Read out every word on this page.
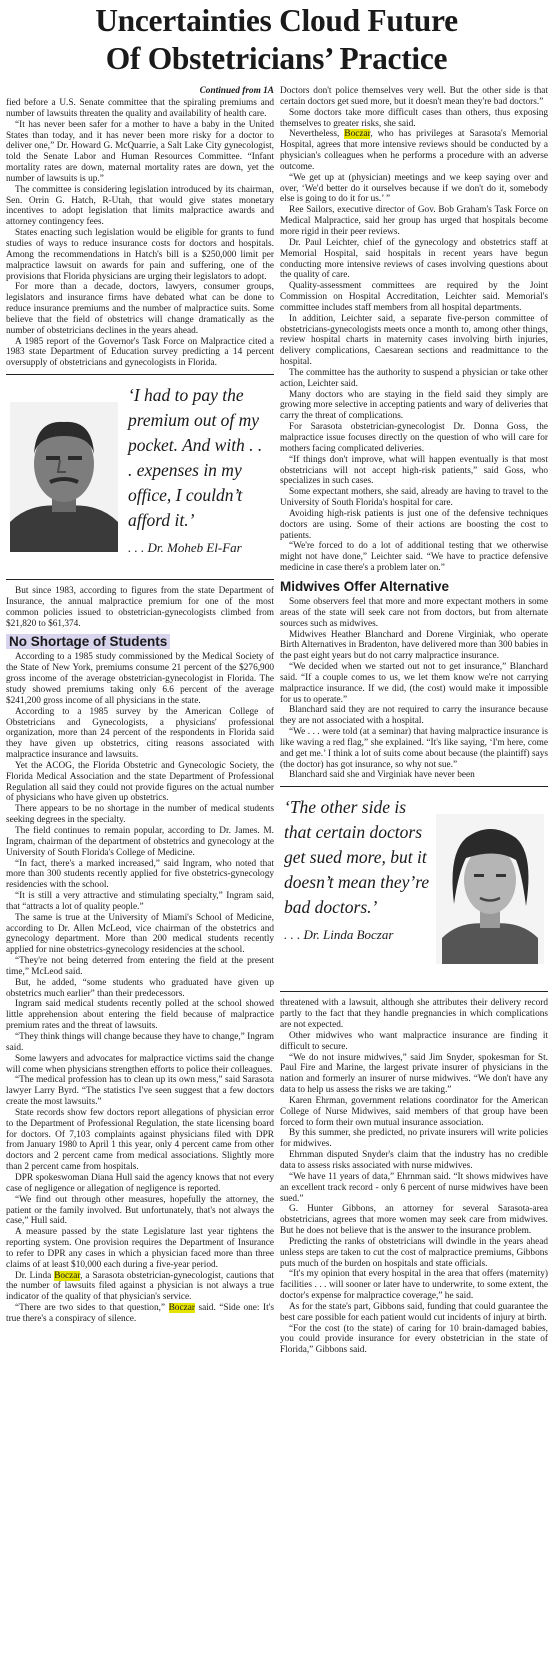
Uncertainties Cloud Future
Of Obstetricians’ Practice
Continued from 1A

fied before a U.S. Senate committee that the spiraling premiums and number of lawsuits threaten the quality and availability of health care.

“It has never been safer for a mother to have a baby in the United States than today, and it has never been more risky for a doctor to deliver one,” Dr. Howard G. McQuarrie, a Salt Lake City gynecologist, told the Senate Labor and Human Resources Committee. “Infant mortality rates are down, maternal mortality rates are down, yet the number of lawsuits is up.”

The committee is considering legislation introduced by its chairman, Sen. Orrin G. Hatch, R-Utah, that would give states monetary incentives to adopt legislation that limits malpractice awards and attorney contingency fees.

States enacting such legislation would be eligible for grants to fund studies of ways to reduce insurance costs for doctors and hospitals. Among the recommendations in Hatch's bill is a $250,000 limit per malpractice lawsuit on awards for pain and suffering, one of the provisions that Florida physicians are urging their legislators to adopt.

For more than a decade, doctors, lawyers, consumer groups, legislators and insurance firms have debated what can be done to reduce insurance premiums and the number of malpractice suits. Some believe that the field of obstetrics will change dramatically as the number of obstetricians declines in the years ahead.

A 1985 report of the Governor's Task Force on Malpractice cited a 1983 state Department of Education survey predicting a 14 percent oversupply of obstetricians and gynecologists in Florida.

‘I had to pay the premium out of my pocket. And with . . . expenses in my office, I couldn’t afford it.’

. . . Dr. Moheb El-Far

But since 1983, according to figures from the state Department of Insurance, the annual malpractice premium for one of the most common policies issued to obstetrician-gynecologists climbed from $21,820 to $61,374.

No Shortage of Students

According to a 1985 study commissioned by the Medical Society of the State of New York, premiums consume 21 percent of the $276,900 gross income of the average obstetrician-gynecologist in Florida. The study showed premiums taking only 6.6 percent of the average $241,200 gross income of all physicians in the state.

According to a 1985 survey by the American College of Obstetricians and Gynecologists, a physicians' professional organization, more than 24 percent of the respondents in Florida said they have given up obstetrics, citing reasons associated with malpractice insurance and lawsuits.

Yet the ACOG, the Florida Obstetric and Gynecologic Society, the Florida Medical Association and the state Department of Professional Regulation all said they could not provide figures on the actual number of physicians who have given up obstetrics.

There appears to be no shortage in the number of medical students seeking degrees in the specialty.

The field continues to remain popular, according to Dr. James. M. Ingram, chairman of the department of obstetrics and gynecology at the University of South Florida's College of Medicine.

“In fact, there's a marked increased,” said Ingram, who noted that more than 300 students recently applied for five obstetrics-gynecology residencies with the school.

“It is still a very attractive and stimulating specialty,” Ingram said, that “attracts a lot of quality people.”

The same is true at the University of Miami's School of Medicine, according to Dr. Allen McLeod, vice chairman of the obstetrics and gynecology department. More than 200 medical students recently applied for nine obstetrics-gynecology residencies at the school.

“They're not being deterred from entering the field at the present time,” McLeod said.

But, he added, “some students who graduated have given up obstetrics much earlier” than their predecessors.

Ingram said medical students recently polled at the school showed little apprehension about entering the field because of malpractice premium rates and the threat of lawsuits.

“They think things will change because they have to change,” Ingram said.

Some lawyers and advocates for malpractice victims said the change will come when physicians strengthen efforts to police their colleagues.

“The medical profession has to clean up its own mess,” said Sarasota lawyer Larry Byrd. “The statistics I've seen suggest that a few doctors create the most lawsuits.”

State records show few doctors report allegations of physician error to the Department of Professional Regulation, the state licensing board for doctors. Of 7,103 complaints against physicians filed with DPR from January 1980 to April 1 this year, only 4 percent came from other doctors and 2 percent came from medical associations. Slightly more than 2 percent came from hospitals.

DPR spokeswoman Diana Hull said the agency knows that not every case of negligence or allegation of negligence is reported.

“We find out through other measures, hopefully the attorney, the patient or the family involved. But unfortunately, that's not always the case,” Hull said.

A measure passed by the state Legislature last year tightens the reporting system. One provision requires the Department of Insurance to refer to DPR any cases in which a physician faced more than three claims of at least $10,000 each during a five-year period.

Dr. Linda Boczar, a Sarasota obstetrician-gynecologist, cautions that the number of lawsuits filed against a physician is not always a true indicator of the quality of that physician's service.

“There are two sides to that question,” Boczar said. “Side one: It's true there's a conspiracy of silence.

Doctors don't police themselves very well. But the other side is that certain doctors get sued more, but it doesn't mean they're bad doctors.”

Some doctors take more difficult cases than others, thus exposing themselves to greater risks, she said.

Nevertheless, Boczar, who has privileges at Sarasota's Memorial Hospital, agrees that more intensive reviews should be conducted by a physician's colleagues when he performs a procedure with an adverse outcome.

“We get up at (physician) meetings and we keep saying over and over, ‘We'd better do it ourselves because if we don't do it, somebody else is going to do it for us.’ ”

Ree Sailors, executive director of Gov. Bob Graham's Task Force on Medical Malpractice, said her group has urged that hospitals become more rigid in their peer reviews.

Dr. Paul Leichter, chief of the gynecology and obstetrics staff at Memorial Hospital, said hospitals in recent years have begun conducting more intensive reviews of cases involving questions about the quality of care.

Quality-assessment committees are required by the Joint Commission on Hospital Accreditation, Leichter said. Memorial's committee includes staff members from all hospital departments.

In addition, Leichter said, a separate five-person committee of obstetricians-gynecologists meets once a month to, among other things, review hospital charts in maternity cases involving birth injuries, delivery complications, Caesarean sections and readmittance to the hospital.

The committee has the authority to suspend a physician or take other action, Leichter said.

Many doctors who are staying in the field said they simply are growing more selective in accepting patients and wary of deliveries that carry the threat of complications.

For Sarasota obstetrician-gynecologist Dr. Donna Goss, the malpractice issue focuses directly on the question of who will care for mothers facing complicated deliveries.

“If things don't improve, what will happen eventually is that most obstetricians will not accept high-risk patients,” said Goss, who specializes in such cases.

Some expectant mothers, she said, already are having to travel to the University of South Florida's hospital for care.

Avoiding high-risk patients is just one of the defensive techniques doctors are using. Some of their actions are boosting the cost to patients.

“We're forced to do a lot of additional testing that we otherwise might not have done,” Leichter said. “We have to practice defensive medicine in case there's a problem later on.”

Midwives Offer Alternative

Some observers feel that more and more expectant mothers in some areas of the state will seek care not from doctors, but from alternate sources such as midwives.

Midwives Heather Blanchard and Dorene Virginiak, who operate Birth Alternatives in Bradenton, have delivered more than 300 babies in the past eight years but do not carry malpractice insurance.

“We decided when we started out not to get insurance,” Blanchard said. “If a couple comes to us, we let them know we're not carrying malpractice insurance. If we did, (the cost) would make it impossible for us to operate.”

Blanchard said they are not required to carry the insurance because they are not associated with a hospital.

“We . . . were told (at a seminar) that having malpractice insurance is like waving a red flag,” she explained. “It's like saying, ‘I'm here, come and get me.’ I think a lot of suits come about because (the plaintiff) says (the doctor) has got insurance, so why not sue.”

Blanchard said she and Virginiak have never been

‘The other side is that certain doctors get sued more, but it doesn’t mean they’re bad doctors.’

. . . Dr. Linda Boczar

threatened with a lawsuit, although she attributes their delivery record partly to the fact that they handle pregnancies in which complications are not expected.

Other midwives who want malpractice insurance are finding it difficult to secure.

“We do not insure midwives,” said Jim Snyder, spokesman for St. Paul Fire and Marine, the largest private insurer of physicians in the nation and formerly an insurer of nurse midwives. “We don't have any data to help us assess the risks we are taking.”

Karen Ehrman, government relations coordinator for the American College of Nurse Midwives, said members of that group have been forced to form their own mutual insurance association.

By this summer, she predicted, no private insurers will write policies for midwives.

Ehrnman disputed Snyder's claim that the industry has no credible data to assess risks associated with nurse midwives.

“We have 11 years of data,” Ehrnman said. “It shows midwives have an excellent track record - only 6 percent of nurse midwives have been sued.”

G. Hunter Gibbons, an attorney for several Sarasota-area obstetricians, agrees that more women may seek care from midwives. But he does not believe that is the answer to the insurance problem.

Predicting the ranks of obstetricians will dwindle in the years ahead unless steps are taken to cut the cost of malpractice premiums, Gibbons puts much of the burden on hospitals and state officials.

“It's my opinion that every hospital in the area that offers (maternity) facilities . . . will sooner or later have to underwrite, to some extent, the doctor's expense for malpractice coverage,” he said.

As for the state's part, Gibbons said, funding that could guarantee the best care possible for each patient would cut incidents of injury at birth.

“For the cost (to the state) of caring for 10 brain-damaged babies, you could provide insurance for every obstetrician in the state of Florida,” Gibbons said.
